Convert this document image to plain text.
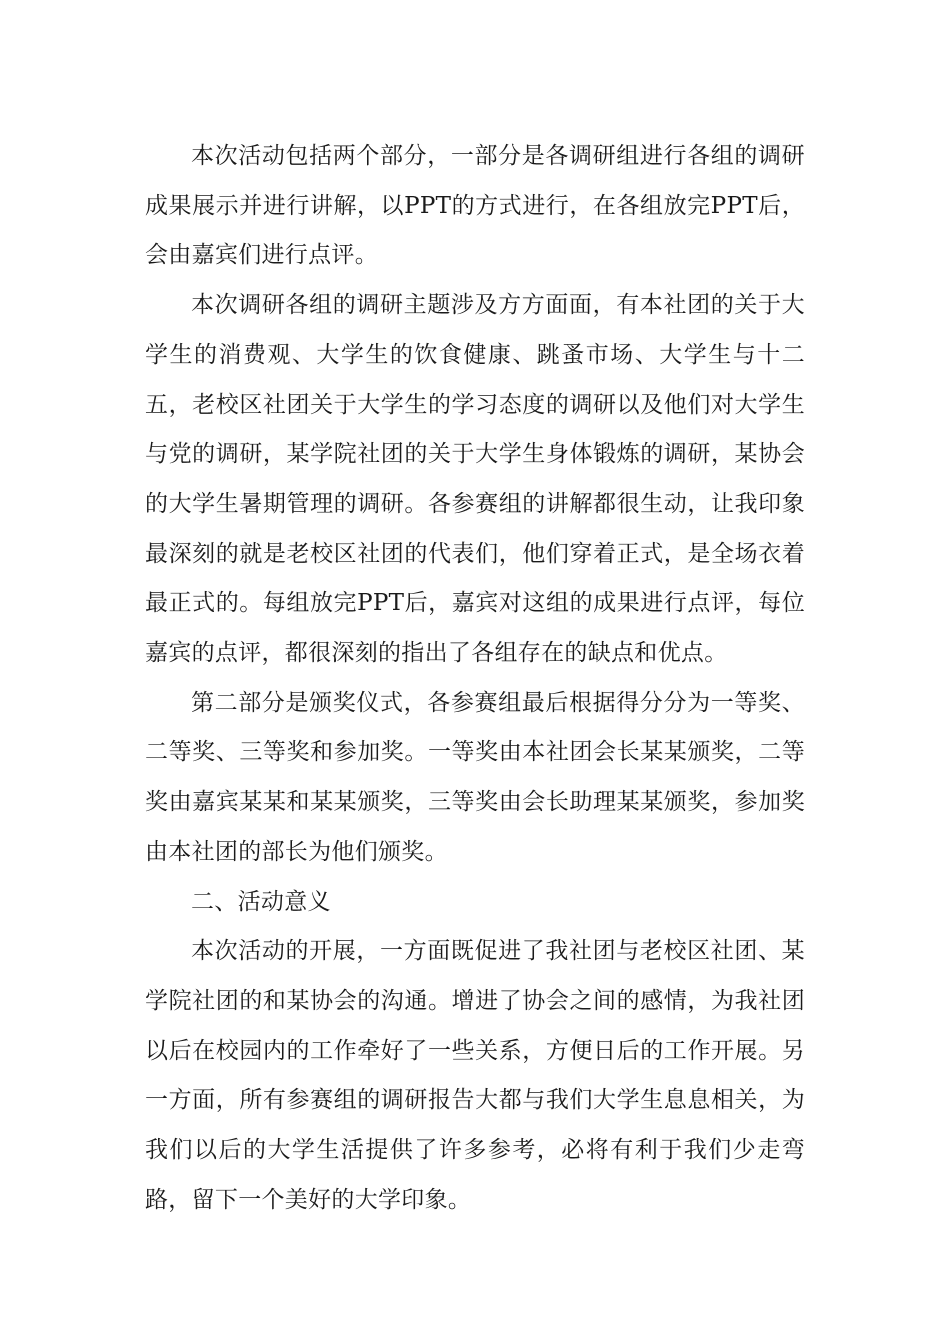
本次活动包括两个部分，一部分是各调研组进行各组的调研成果展示并进行讲解，以PPT的方式进行，在各组放完PPT后，会由嘉宾们进行点评。

本次调研各组的调研主题涉及方方面面，有本社团的关于大学生的消费观、大学生的饮食健康、跳蚤市场、大学生与十二五，老校区社团关于大学生的学习态度的调研以及他们对大学生与党的调研，某学院社团的关于大学生身体锻炼的调研，某协会的大学生暑期管理的调研。各参赛组的讲解都很生动，让我印象最深刻的就是老校区社团的代表们，他们穿着正式，是全场衣着最正式的。每组放完PPT后，嘉宾对这组的成果进行点评，每位嘉宾的点评，都很深刻的指出了各组存在的缺点和优点。

第二部分是颁奖仪式，各参赛组最后根据得分分为一等奖、二等奖、三等奖和参加奖。一等奖由本社团会长某某颁奖，二等奖由嘉宾某某和某某颁奖，三等奖由会长助理某某颁奖，参加奖由本社团的部长为他们颁奖。

二、活动意义

本次活动的开展，一方面既促进了我社团与老校区社团、某学院社团的和某协会的沟通。增进了协会之间的感情，为我社团以后在校园内的工作牵好了一些关系，方便日后的工作开展。另一方面，所有参赛组的调研报告大都与我们大学生息息相关，为我们以后的大学生活提供了许多参考，必将有利于我们少走弯路，留下一个美好的大学印象。
